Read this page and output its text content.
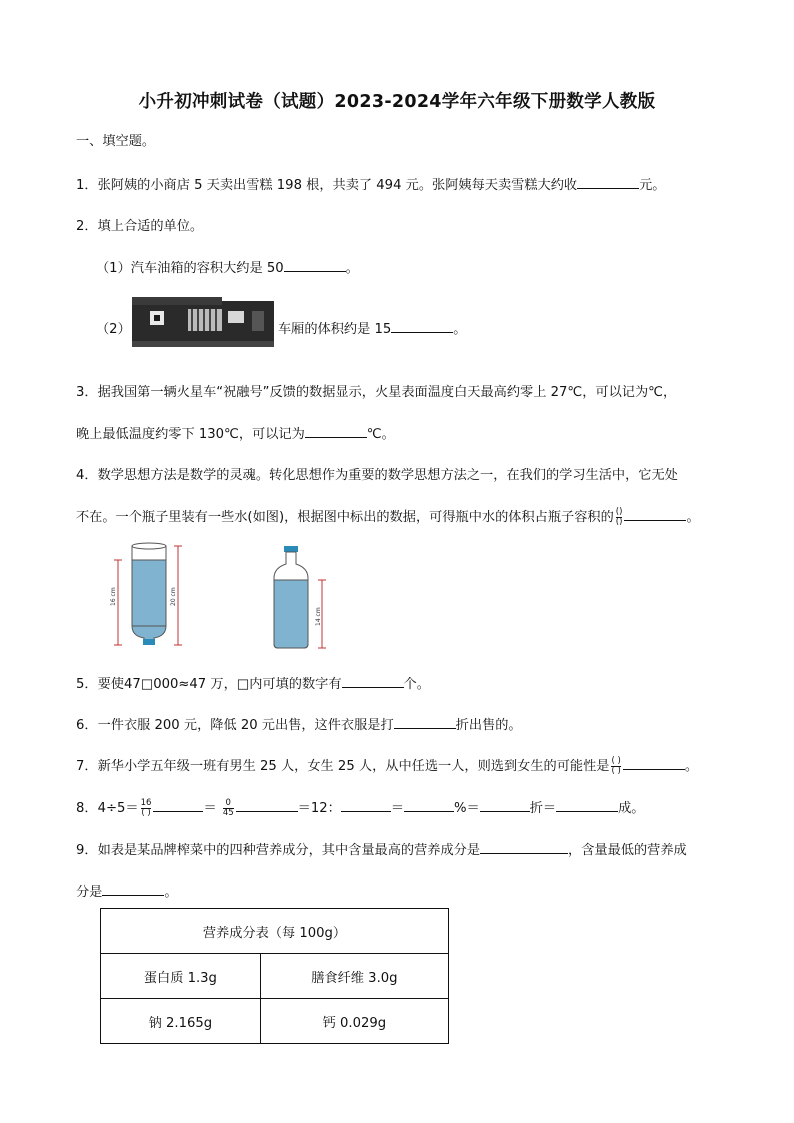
小升初冲刺试卷（试题）2023-2024学年六年级下册数学人教版
一、填空题。
1．张阿姨的小商店 5 天卖出雪糕 198 根，共卖了 494 元。张阿姨每天卖雪糕大约收	元。
2．填上合适的单位。
（1）汽车油箱的容积大约是 50	。
（2）	车厢的体积约是 15	。
3．据我国第一辆火星车“祝融号”反馈的数据显示，火星表面温度白天最高约零上 27℃，可以记为℃，
晚上最低温度约零下 130℃，可以记为	℃。
4．数学思想方法是数学的灵魂。转化思想作为重要的数学思想方法之一，在我们的学习生活中，它无处
不在。一个瓶子里装有一些水(如图)，根据图中标出的数据，可得瓶中水的体积占瓶子容积的 $\frac{()}{()}$	。
16 cm	20 cm
14 cm
5．要使47□000≈47 万，□内可填的数字有	个。
6．一件衣服 200 元，降低 20 元出售，这件衣服是打	折出售的。
7．新华小学五年级一班有男生 25 人，女生 25 人，从中任选一人，则选到女生的可能性是 $\frac{( )}{( )}$	。
8．$4\div 5= \frac{16}{( )}$	＝ $\frac{0}{45}$	＝12：	＝	%＝	折＝	成。
9．如表是某品牌榨菜中的四种营养成分，其中含量最高的营养成分是	，含量最低的营养成
分是	。
营养成分表（每 100g）	
蛋白质 1.3g	膳食纤维 3.0g
钠 2.165g	钙 0.029g
